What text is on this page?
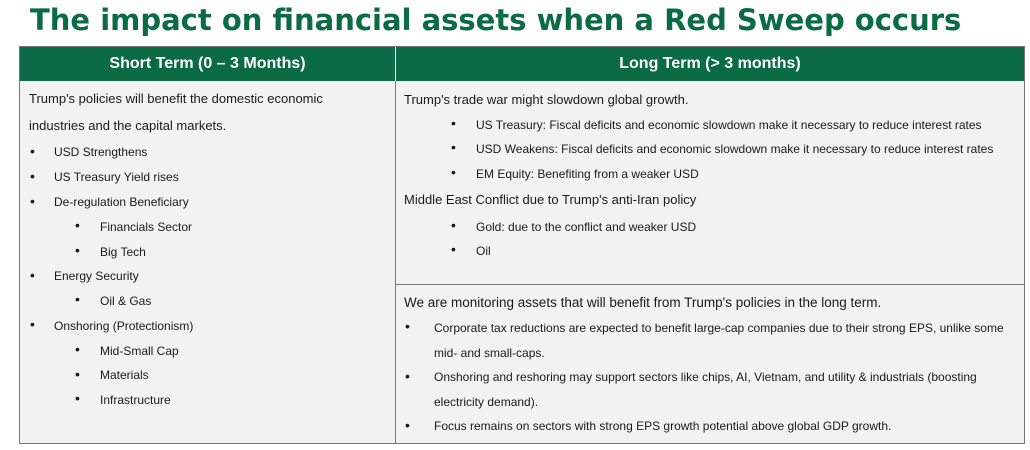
The impact on financial assets when a Red Sweep occurs
Short Term (0 – 3 Months)	Long Term (> 3 months)
Trump's policies will benefit the domestic economic
industries and the capital markets.
• USD Strengthens
• US Treasury Yield rises
• De-regulation Beneficiary
• Financials Sector
• Big Tech
• Energy Security
• Oil & Gas
• Onshoring (Protectionism)
• Mid-Small Cap
• Materials
• Infrastructure
Trump's trade war might slowdown global growth.
• US Treasury: Fiscal deficits and economic slowdown make it necessary to reduce interest rates
• USD Weakens: Fiscal deficits and economic slowdown make it necessary to reduce interest rates
• EM Equity: Benefiting from a weaker USD
Middle East Conflict due to Trump's anti-Iran policy
• Gold: due to the conflict and weaker USD
• Oil
We are monitoring assets that will benefit from Trump's policies in the long term.
• Corporate tax reductions are expected to benefit large-cap companies due to their strong EPS, unlike some
mid- and small-caps.
• Onshoring and reshoring may support sectors like chips, AI, Vietnam, and utility & industrials (boosting
electricity demand).
• Focus remains on sectors with strong EPS growth potential above global GDP growth.
